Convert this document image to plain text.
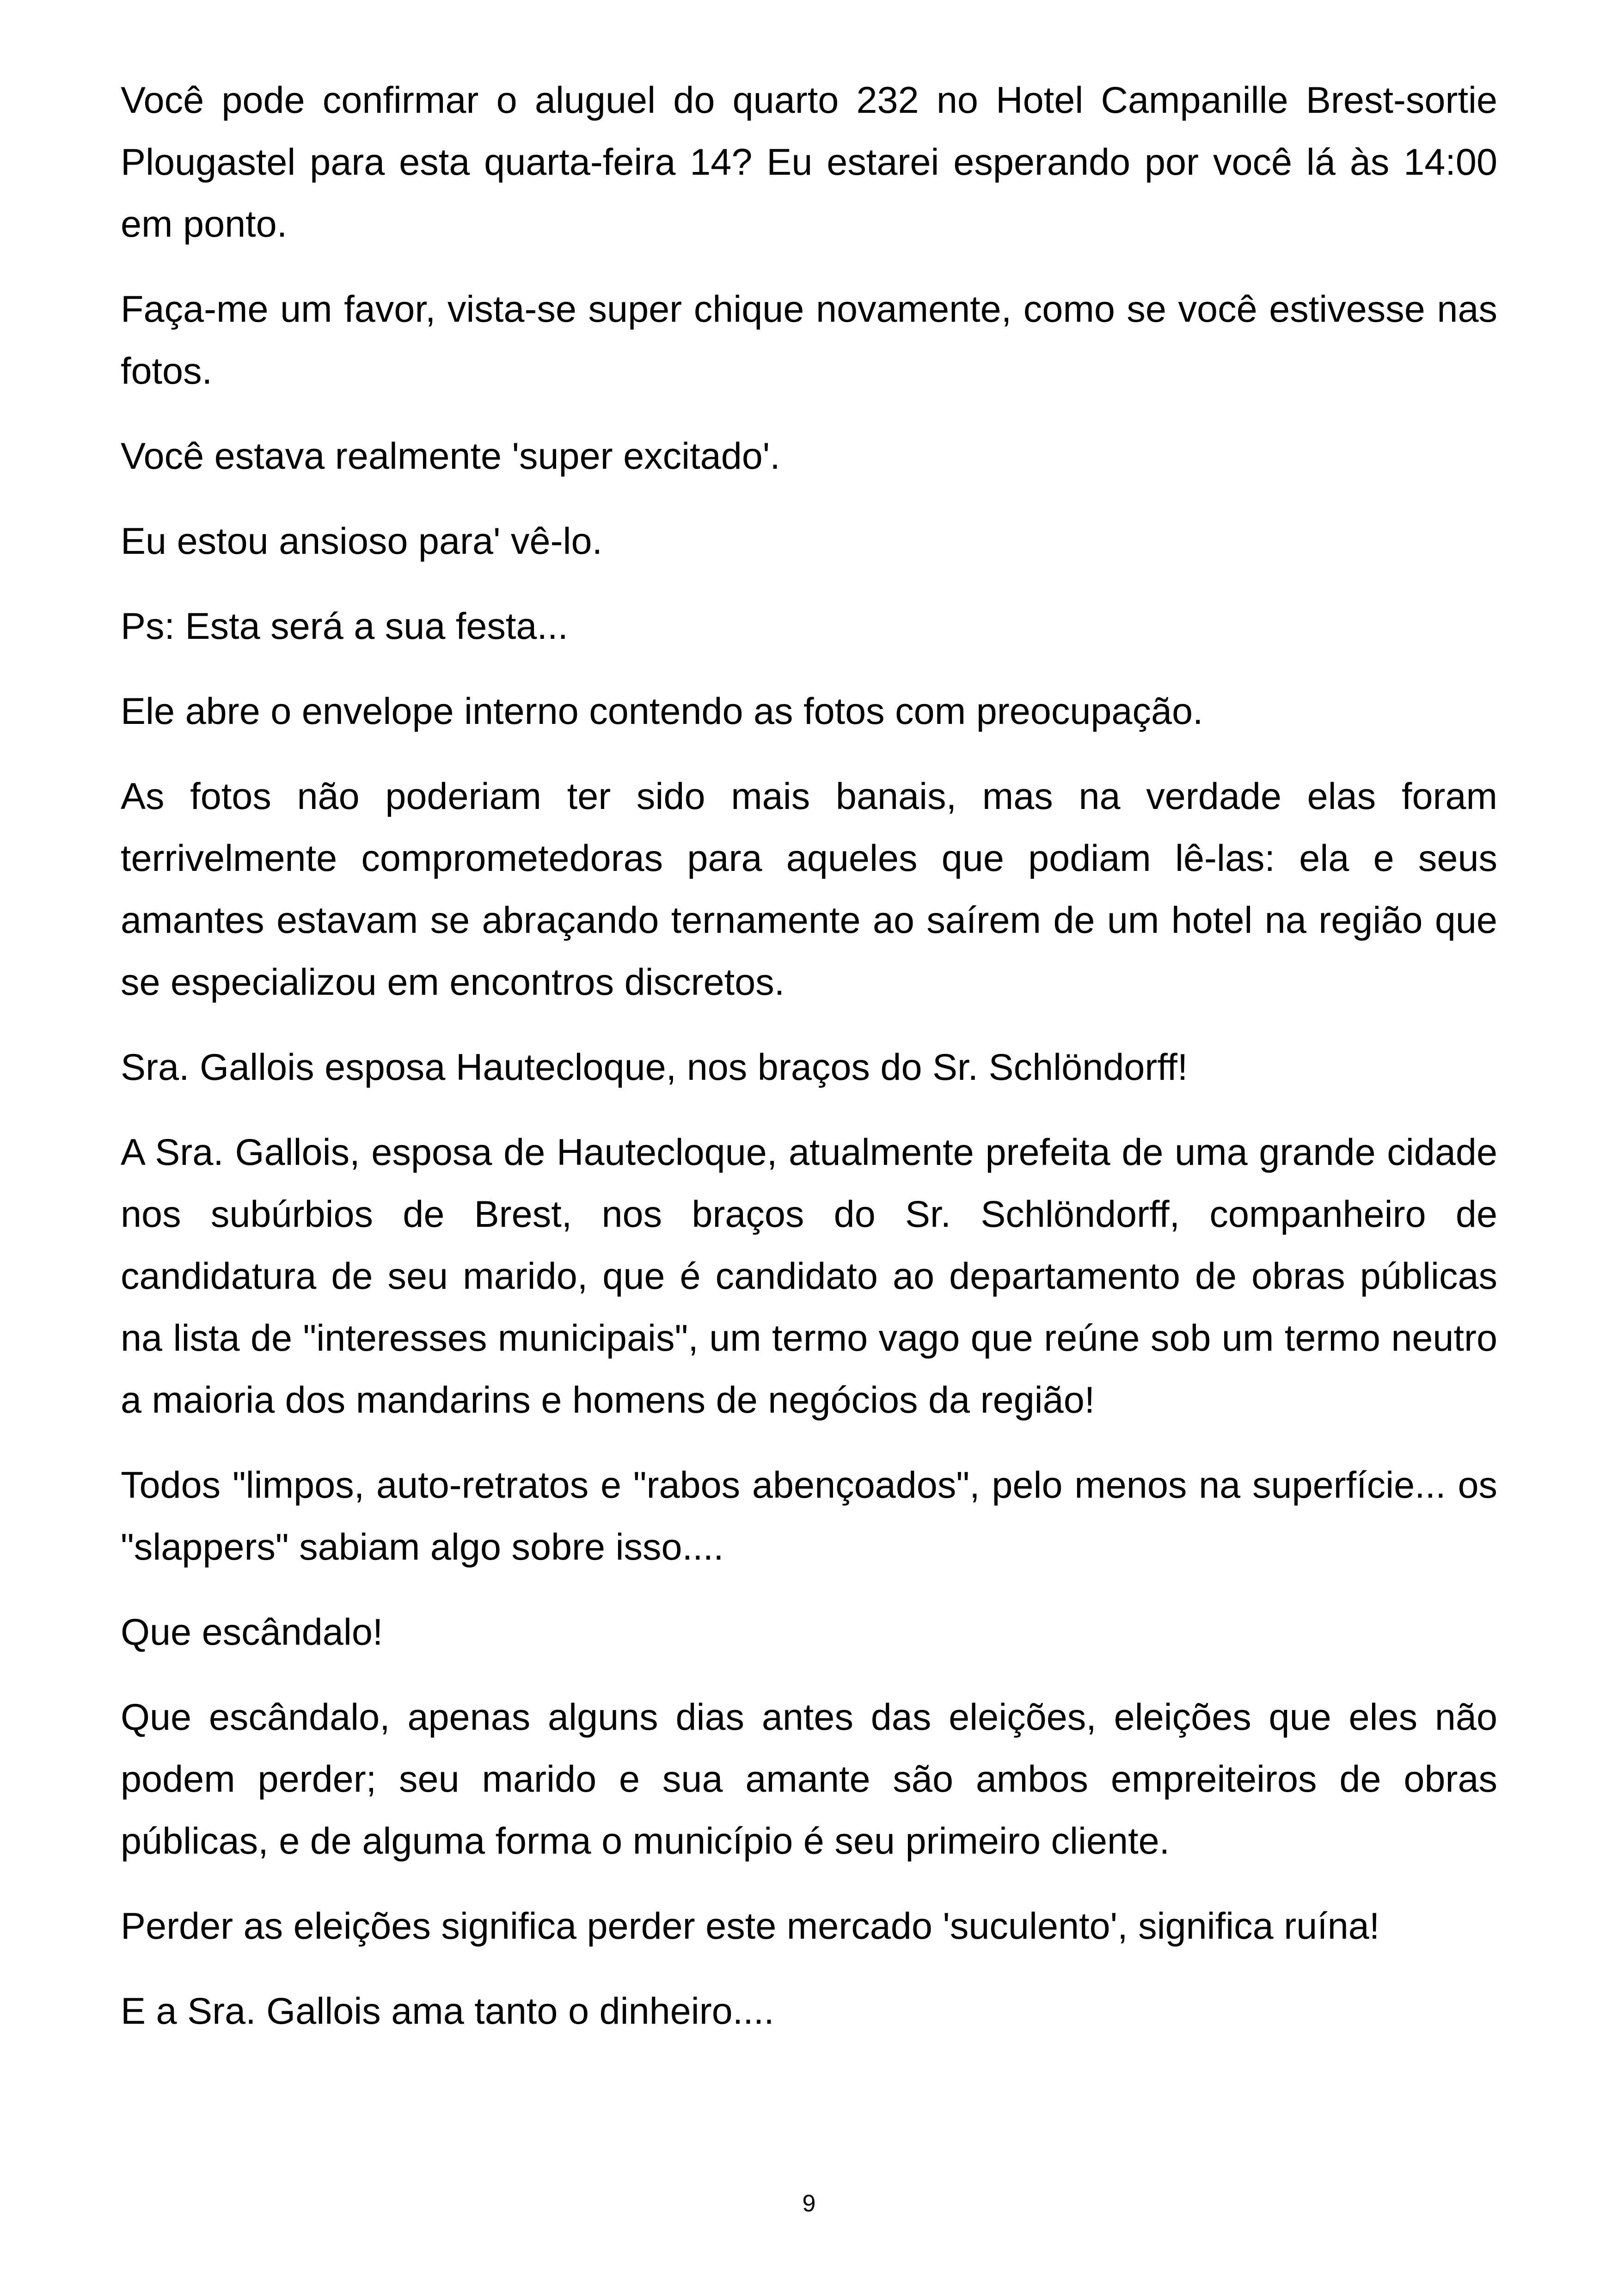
Você pode confirmar o aluguel do quarto 232 no Hotel Campanille Brest-sortie Plougastel para esta quarta-feira 14? Eu estarei esperando por você lá às 14:00 em ponto.

Faça-me um favor, vista-se super chique novamente, como se você estivesse nas fotos.

Você estava realmente 'super excitado'.

Eu estou ansioso para' vê-lo.

Ps: Esta será a sua festa...

Ele abre o envelope interno contendo as fotos com preocupação.

As fotos não poderiam ter sido mais banais, mas na verdade elas foram terrivelmente comprometedoras para aqueles que podiam lê-las: ela e seus amantes estavam se abraçando ternamente ao saírem de um hotel na região que se especializou em encontros discretos.

Sra. Gallois esposa Hautecloque, nos braços do Sr. Schlöndorff!

A Sra. Gallois, esposa de Hautecloque, atualmente prefeita de uma grande cidade nos subúrbios de Brest, nos braços do Sr. Schlöndorff, companheiro de candidatura de seu marido, que é candidato ao departamento de obras públicas na lista de "interesses municipais", um termo vago que reúne sob um termo neutro a maioria dos mandarins e homens de negócios da região!

Todos "limpos, auto-retratos e "rabos abençoados", pelo menos na superfície... os "slappers" sabiam algo sobre isso....

Que escândalo!

Que escândalo, apenas alguns dias antes das eleições, eleições que eles não podem perder; seu marido e sua amante são ambos empreiteiros de obras públicas, e de alguma forma o município é seu primeiro cliente.

Perder as eleições significa perder este mercado 'suculento', significa ruína!

E a Sra. Gallois ama tanto o dinheiro....

9
